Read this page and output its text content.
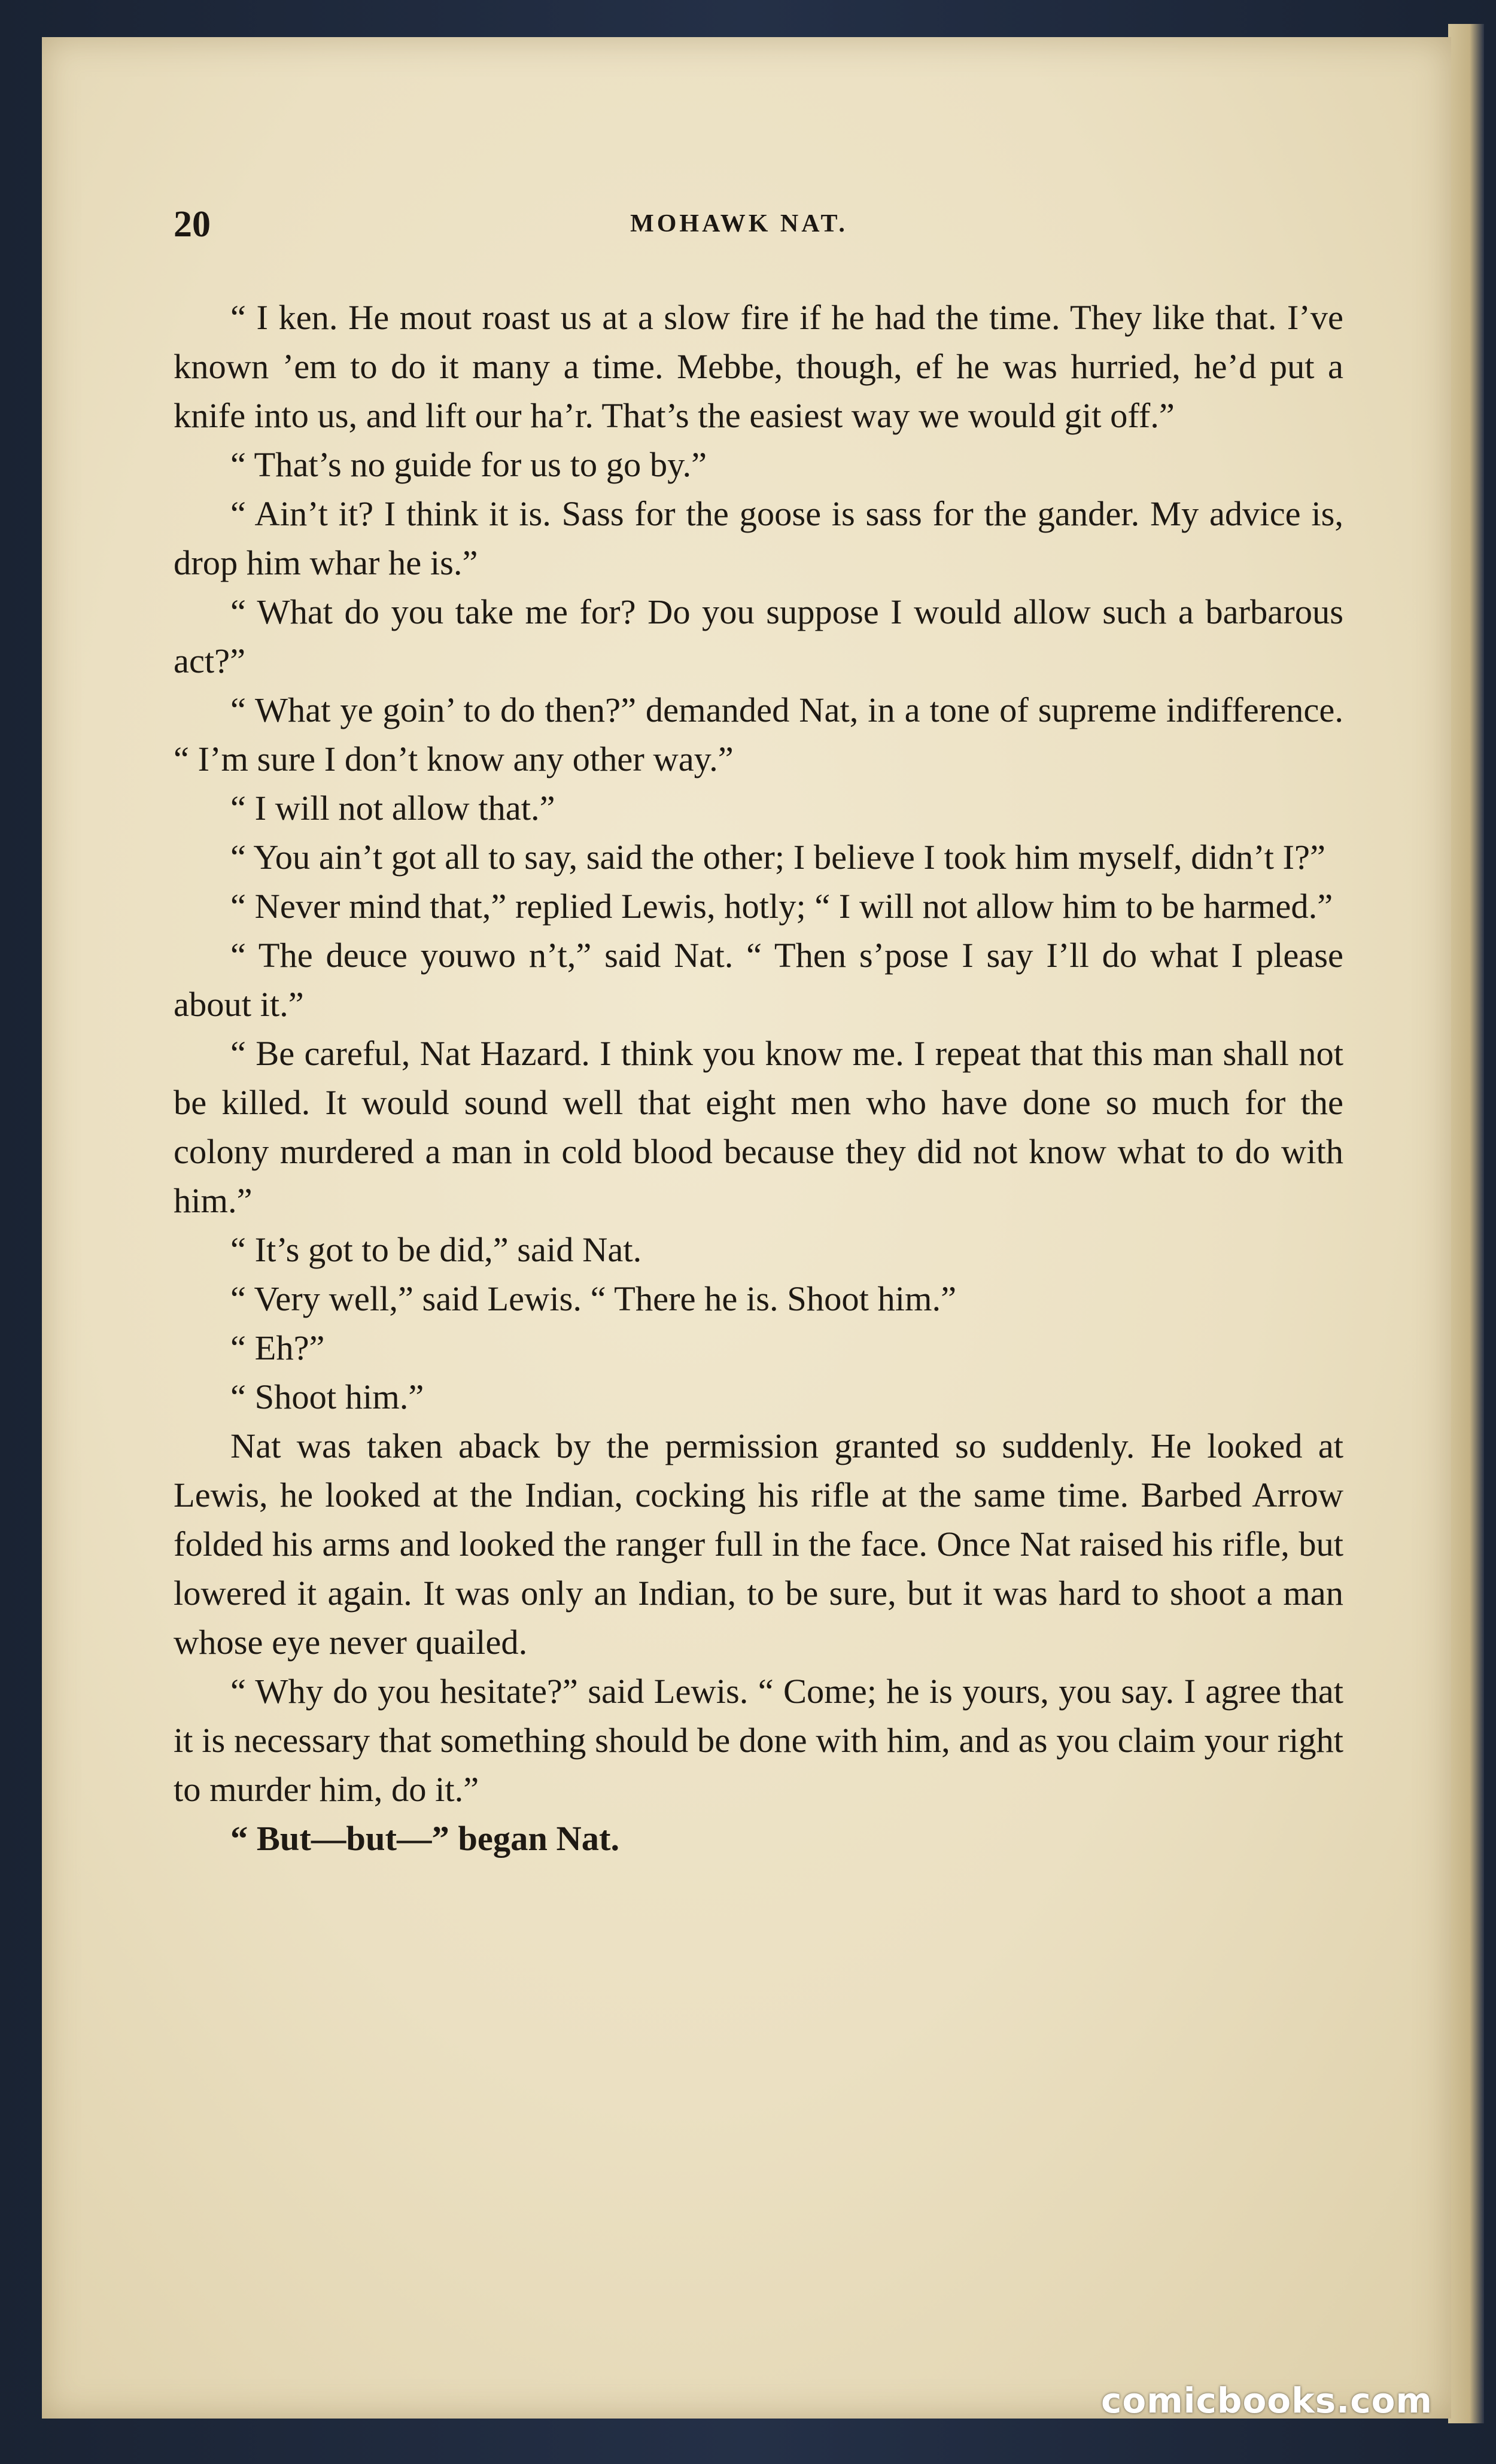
20	MOHAWK NAT.

“ I ken. He mout roast us at a slow fire if he had the time. They like that. I’ve known ’em to do it many a time. Mebbe, though, ef he was hurried, he’d put a knife into us, and lift our ha’r. That’s the easiest way we would git off.”

“ That’s no guide for us to go by.”

“ Ain’t it? I think it is. Sass for the goose is sass for the gander. My advice is, drop him whar he is.”

“ What do you take me for? Do you suppose I would allow such a barbarous act?”

“ What ye goin’ to do then?” demanded Nat, in a tone of supreme indifference. “ I’m sure I don’t know any other way.”

“ I will not allow that.”

“ You ain’t got all to say, said the other; I believe I took him myself, didn’t I?”

“ Never mind that,” replied Lewis, hotly; “ I will not allow him to be harmed.”

“ The deuce youwo n’t,” said Nat. “ Then s’pose I say I’ll do what I please about it.”

“ Be careful, Nat Hazard. I think you know me. I repeat that this man shall not be killed. It would sound well that eight men who have done so much for the colony murdered a man in cold blood because they did not know what to do with him.”

“ It’s got to be did,” said Nat.

“ Very well,” said Lewis. “ There he is. Shoot him.”

“ Eh?”

“ Shoot him.”

Nat was taken aback by the permission granted so suddenly. He looked at Lewis, he looked at the Indian, cocking his rifle at the same time. Barbed Arrow folded his arms and looked the ranger full in the face. Once Nat raised his rifle, but lowered it again. It was only an Indian, to be sure, but it was hard to shoot a man whose eye never quailed.

“ Why do you hesitate?” said Lewis. “ Come; he is yours, you say. I agree that it is necessary that something should be done with him, and as you claim your right to murder him, do it.”

“ But—but—” began Nat.

comicbooks.com
